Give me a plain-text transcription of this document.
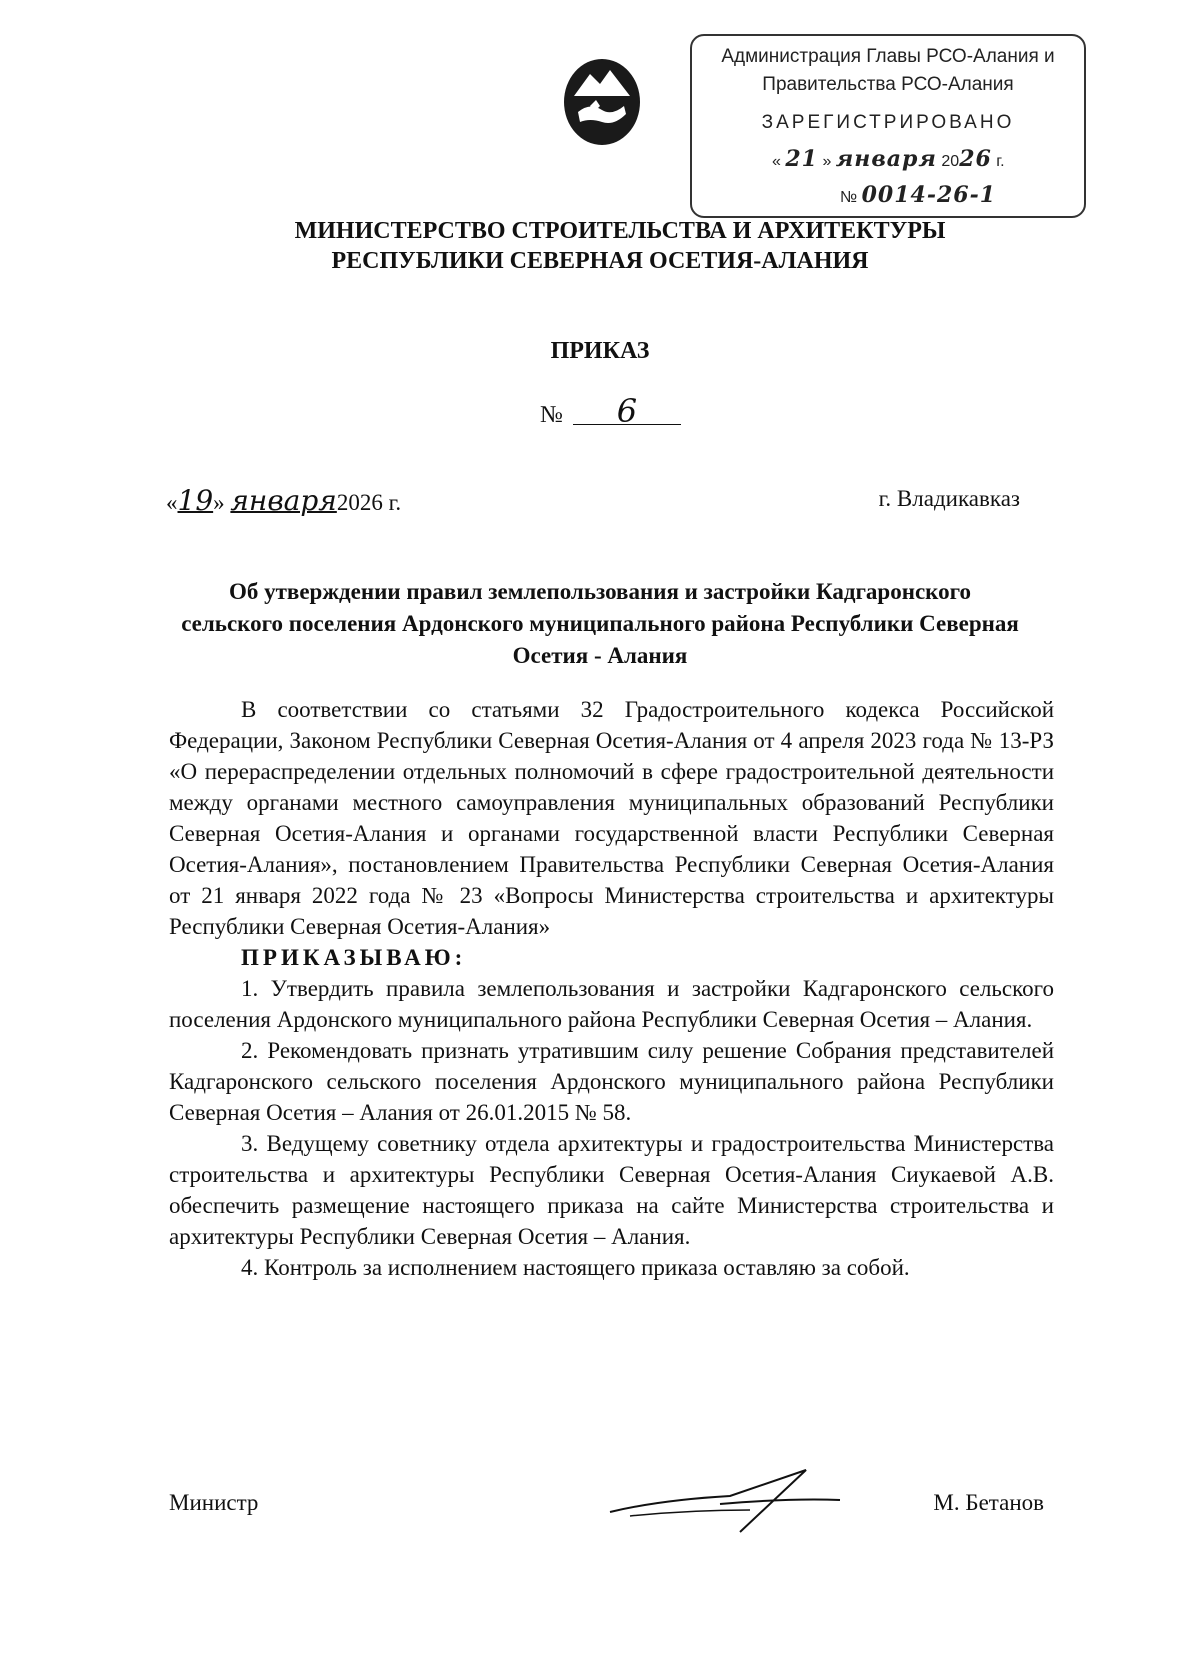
Администрация Главы РСО-Алания и
Правительства РСО-Алания
ЗАРЕГИСТРИРОВАНО
« 21 » января 2026 г.
№ 0014-26-1
МИНИСТЕРСТВО СТРОИТЕЛЬСТВА И АРХИТЕКТУРЫ
РЕСПУБЛИКИ СЕВЕРНАЯ ОСЕТИЯ-АЛАНИЯ
ПРИКАЗ
№ 6
«19» января2026 г.	г. Владикавказ
Об утверждении правил землепользования и застройки Кадгаронского сельского поселения Ардонского муниципального района Республики Северная Осетия - Алания

В соответствии со статьями 32 Градостроительного кодекса Российской Федерации, Законом Республики Северная Осетия-Алания от 4 апреля 2023 года № 13-РЗ «О перераспределении отдельных полномочий в сфере градостроительной деятельности между органами местного самоуправления муниципальных образований Республики Северная Осетия-Алания и органами государственной власти Республики Северная Осетия-Алания», постановлением Правительства Республики Северная Осетия-Алания от 21 января 2022 года № 23 «Вопросы Министерства строительства и архитектуры Республики Северная Осетия-Алания»

ПРИКАЗЫВАЮ:

1. Утвердить правила землепользования и застройки Кадгаронского сельского поселения Ардонского муниципального района Республики Северная Осетия – Алания.

2. Рекомендовать признать утратившим силу решение Собрания представителей Кадгаронского сельского поселения Ардонского муниципального района Республики Северная Осетия – Алания от 26.01.2015 № 58.

3. Ведущему советнику отдела архитектуры и градостроительства Министерства строительства и архитектуры Республики Северная Осетия-Алания Сиукаевой А.В. обеспечить размещение настоящего приказа на сайте Министерства строительства и архитектуры Республики Северная Осетия – Алания.

4. Контроль за исполнением настоящего приказа оставляю за собой.

Министр	М. Бетанов
